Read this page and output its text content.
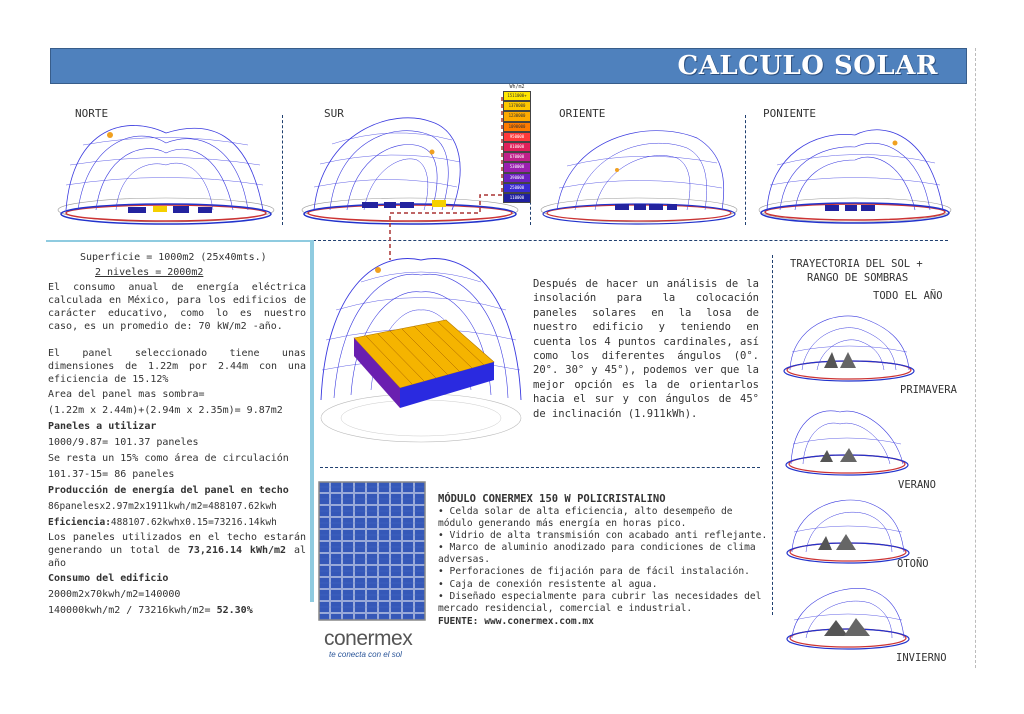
CALCULO SOLAR
NORTE	SUR	ORIENTE	PONIENTE
Wh/m2
1511000+
1370000
1230000
1090000
950000
810000
670000
530000
390000
250000
110000
Superficie = 1000m2 (25x40mts.)
2 niveles = 2000m2
El consumo anual de energía eléctrica calculada en México, para los edificios de carácter educativo, como lo es nuestro caso, es un promedio de: 70 kW/m2 -año.
El panel seleccionado tiene unas dimensiones de 1.22m por 2.44m con una eficiencia de 15.12%
Area del panel mas sombra=
(1.22m x 2.44m)+(2.94m x 2.35m)= 9.87m2
Paneles a utilizar
1000/9.87= 101.37 paneles
Se resta un 15% como área de circulación
101.37-15= 86 paneles
Producción de energía del panel en techo
86panelesx2.97m2x1911kwh/m2=488107.62kwh
Eficiencia:488107.62kwhx0.15=73216.14kwh
Los paneles utilizados en el techo estarán generando un total de 73,216.14 kWh/m2 al año
Consumo del edificio
2000m2x70kwh/m2=140000
140000kwh/m2 / 73216kwh/m2= 52.30%
Después de hacer un análisis de la insolación para la colocación paneles solares en la losa de nuestro edificio y teniendo en cuenta los 4 puntos cardinales, así como los diferentes ángulos (0°. 20°. 30° y 45°), podemos ver que la mejor opción es la de orientarlos hacia el sur y con ángulos de 45° de inclinación (1.911kWh).
conermex
te conecta con el sol
MÓDULO CONERMEX 150 W POLICRISTALINO
• Celda solar de alta eficiencia, alto desempeño de módulo generando más energía en horas pico.
• Vidrio de alta transmisión con acabado anti reflejante.
• Marco de aluminio anodizado para condiciones de clima adversas.
• Perforaciones de fijación para de fácil instalación.
• Caja de conexión resistente al agua.
• Diseñado especialmente para cubrir las necesidades del mercado residencial, comercial e industrial.
FUENTE: www.conermex.com.mx
TRAYECTORIA DEL SOL +
RANGO DE SOMBRAS
TODO EL AÑO
PRIMAVERA
VERANO
OTOÑO
INVIERNO
